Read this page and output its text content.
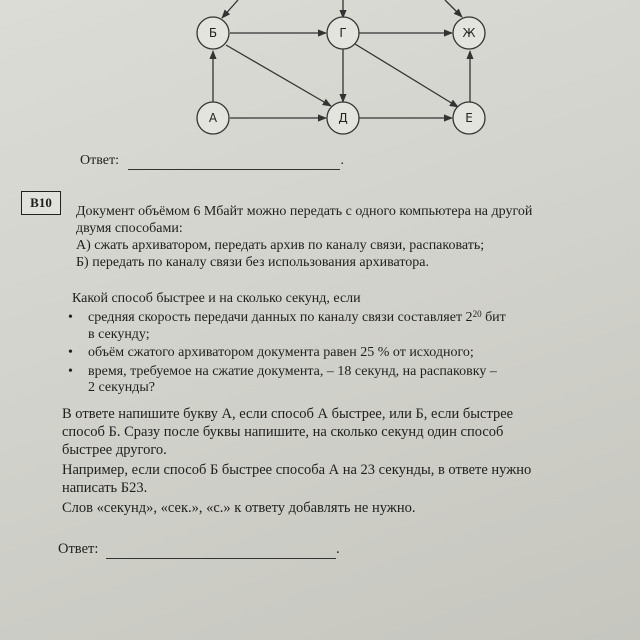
Б	Г	Ж
А	Д	Е
Ответ:	.
В10
Документ объёмом 6 Мбайт можно передать с одного компьютера на другой
двумя способами:
А) сжать архиватором, передать архив по каналу связи, распаковать;
Б) передать по каналу связи без использования архиватора.
Какой способ быстрее и на сколько секунд, если
• средняя скорость передачи данных по каналу связи составляет $2^{20}$ бит
в секунду;
• объём сжатого архиватором документа равен 25 % от исходного;
• время, требуемое на сжатие документа, – 18 секунд, на распаковку –
2 секунды?
В ответе напишите букву А, если способ А быстрее, или Б, если быстрее
способ Б. Сразу после буквы напишите, на сколько секунд один способ
быстрее другого.
Например, если способ Б быстрее способа А на 23 секунды, в ответе нужно
написать Б23.
Слов «секунд», «сек.», «с.» к ответу добавлять не нужно.
Ответ:	.
